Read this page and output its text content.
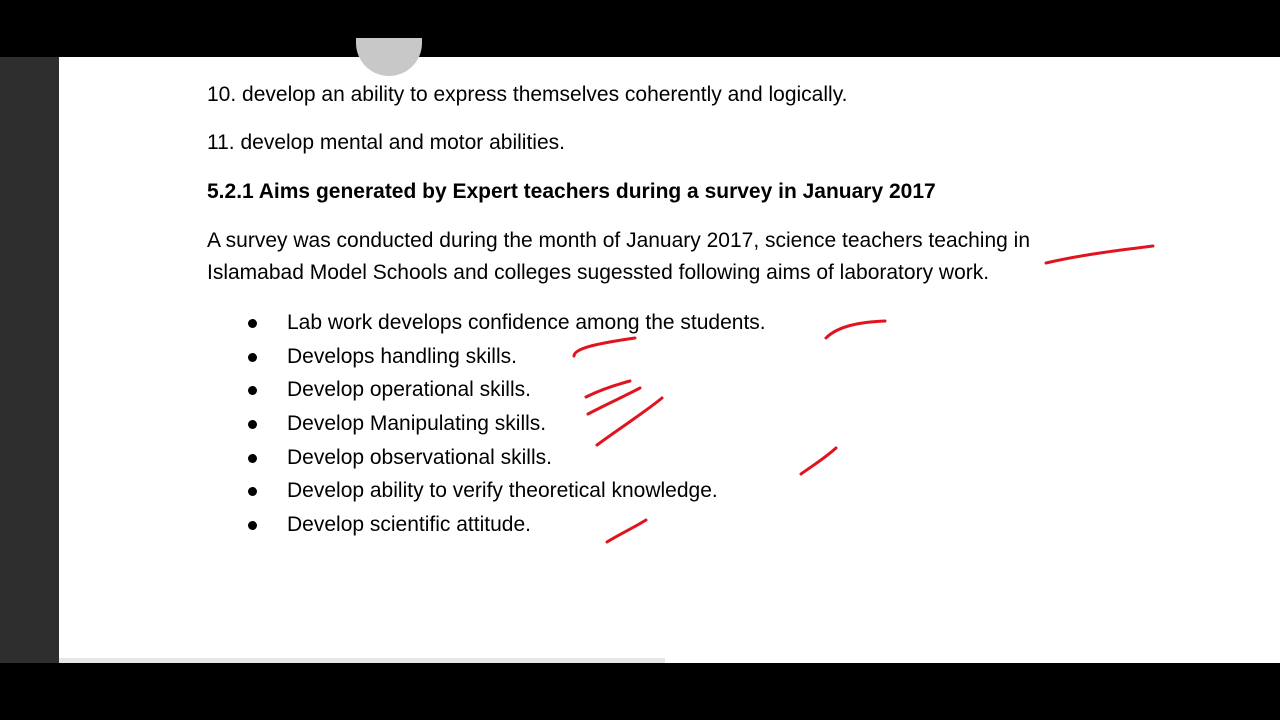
10. develop an ability to express themselves coherently and logically.
11. develop mental and motor abilities.
5.2.1 Aims generated by Expert teachers during a survey in January 2017
A survey was conducted during the month of January 2017, science teachers teaching in
Islamabad Model Schools and colleges sugessted following aims of laboratory work.
Lab work develops confidence among the students.
Develops handling skills.
Develop operational skills.
Develop Manipulating skills.
Develop observational skills.
Develop ability to verify theoretical knowledge.
Develop scientific attitude.
